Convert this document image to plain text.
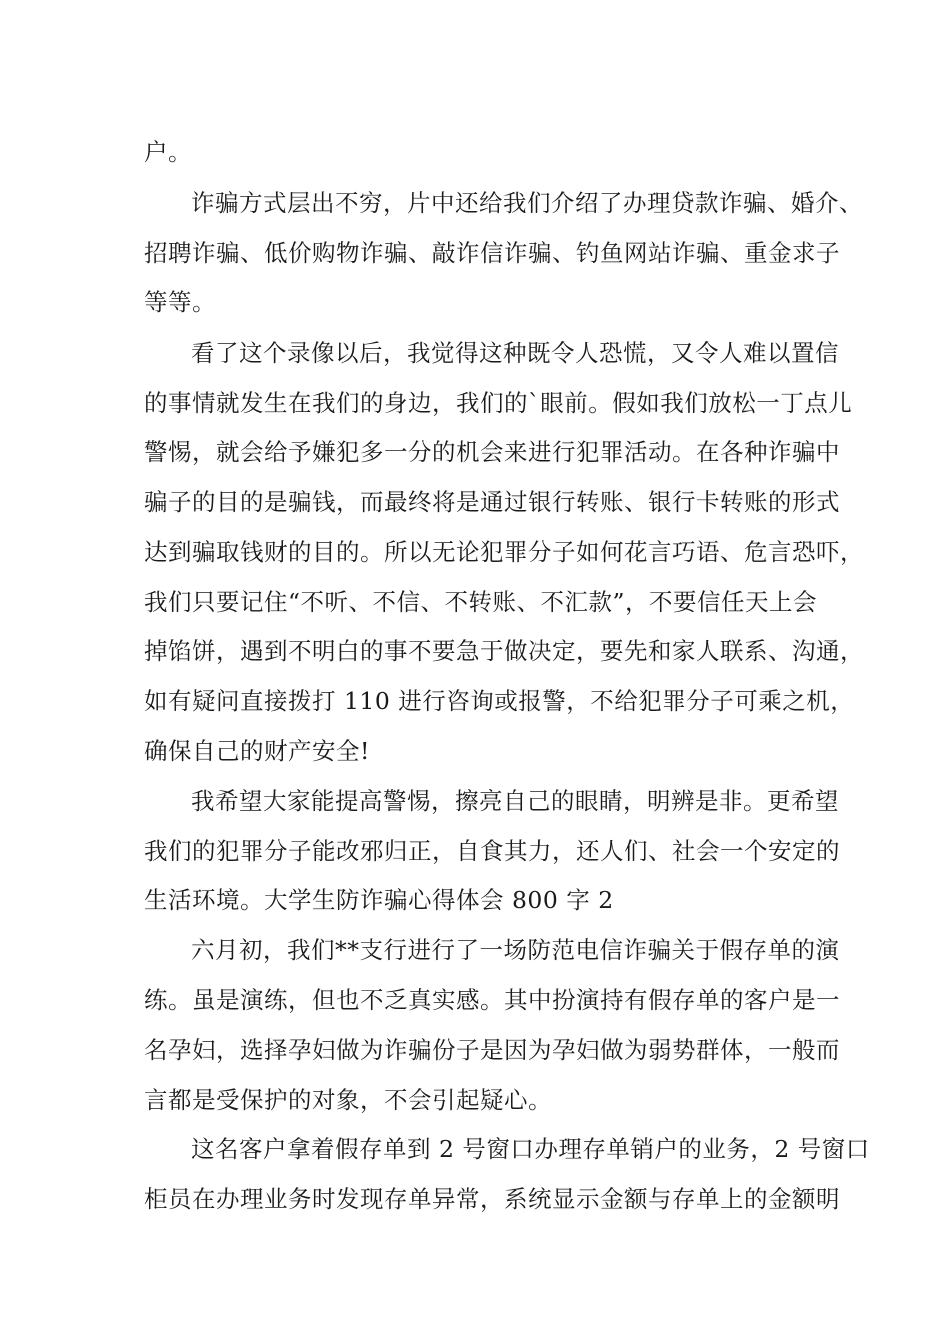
户。
诈骗方式层出不穷，片中还给我们介绍了办理贷款诈骗、婚介、
招聘诈骗、低价购物诈骗、敲诈信诈骗、钓鱼网站诈骗、重金求子
等等。
看了这个录像以后，我觉得这种既令人恐慌，又令人难以置信
的事情就发生在我们的身边，我们的`眼前。假如我们放松一丁点儿
警惕，就会给予嫌犯多一分的机会来进行犯罪活动。在各种诈骗中
骗子的目的是骗钱，而最终将是通过银行转账、银行卡转账的形式
达到骗取钱财的目的。所以无论犯罪分子如何花言巧语、危言恐吓，
我们只要记住“不听、不信、不转账、不汇款”，不要信任天上会
掉馅饼，遇到不明白的事不要急于做决定，要先和家人联系、沟通，
如有疑问直接拨打 110 进行咨询或报警，不给犯罪分子可乘之机，
确保自己的财产安全!
我希望大家能提高警惕，擦亮自己的眼睛，明辨是非。更希望
我们的犯罪分子能改邪归正，自食其力，还人们、社会一个安定的
生活环境。大学生防诈骗心得体会 800 字 2
六月初，我们**支行进行了一场防范电信诈骗关于假存单的演
练。虽是演练，但也不乏真实感。其中扮演持有假存单的客户是一
名孕妇，选择孕妇做为诈骗份子是因为孕妇做为弱势群体，一般而
言都是受保护的对象，不会引起疑心。
这名客户拿着假存单到 2 号窗口办理存单销户的业务，2 号窗口
柜员在办理业务时发现存单异常，系统显示金额与存单上的金额明
